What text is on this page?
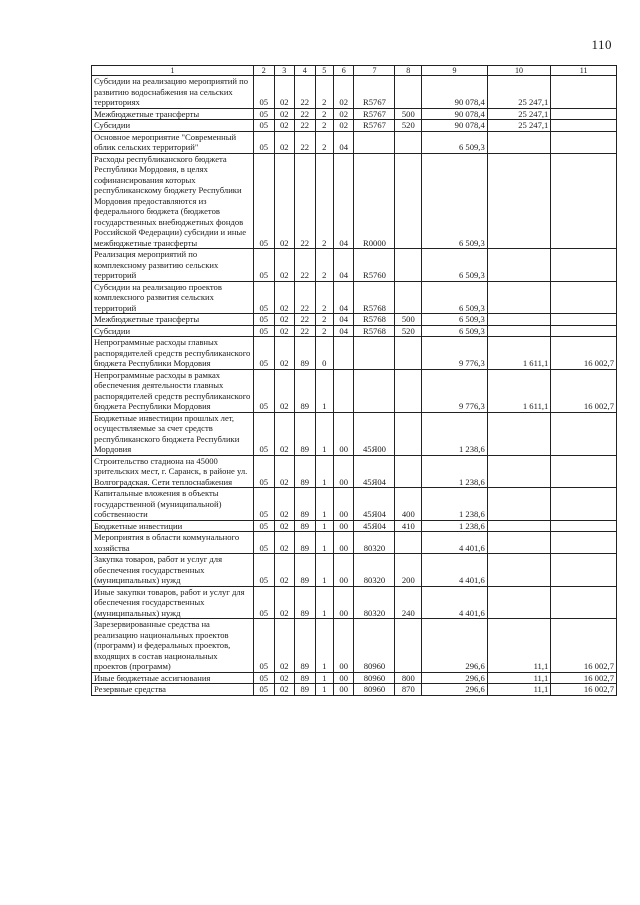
110
1	2	3	4	5	6	7	8	9	10	11
Субсидии на реализацию мероприятий по развитию водоснабжения на сельских территориях	05	02	22	2	02	R5767		90 078,4	25 247,1	
Межбюджетные трансферты	05	02	22	2	02	R5767	500	90 078,4	25 247,1	
Субсидии	05	02	22	2	02	R5767	520	90 078,4	25 247,1	
Основное мероприятие "Современный облик сельских территорий"	05	02	22	2	04			6 509,3		
Расходы республиканского бюджета Республики Мордовия, в целях софинансирования которых республиканскому бюджету Республики Мордовия предоставляются из федерального бюджета (бюджетов государственных внебюджетных фондов Российской Федерации) субсидии и иные межбюджетные трансферты	05	02	22	2	04	R0000		6 509,3		
Реализация мероприятий по комплексному развитию сельских территорий	05	02	22	2	04	R5760		6 509,3		
Субсидии на реализацию проектов комплексного развития сельских территорий	05	02	22	2	04	R5768		6 509,3		
Межбюджетные трансферты	05	02	22	2	04	R5768	500	6 509,3		
Субсидии	05	02	22	2	04	R5768	520	6 509,3		
Непрограммные расходы главных распорядителей средств республиканского бюджета Республики Мордовия	05	02	89	0				9 776,3	1 611,1	16 002,7
Непрограммные расходы в рамках обеспечения деятельности главных распорядителей средств республиканского бюджета Республики Мордовия	05	02	89	1				9 776,3	1 611,1	16 002,7
Бюджетные инвестиции прошлых лет, осуществляемые за счет средств республиканского бюджета Республики Мордовия	05	02	89	1	00	45Я00		1 238,6		
Строительство стадиона на 45000 зрительских мест, г. Саранск, в районе ул. Волгоградская. Сети теплоснабжения	05	02	89	1	00	45Я04		1 238,6		
Капитальные вложения в объекты государственной (муниципальной) собственности	05	02	89	1	00	45Я04	400	1 238,6		
Бюджетные инвестиции	05	02	89	1	00	45Я04	410	1 238,6		
Мероприятия в области коммунального хозяйства	05	02	89	1	00	80320		4 401,6		
Закупка товаров, работ и услуг для обеспечения государственных (муниципальных) нужд	05	02	89	1	00	80320	200	4 401,6		
Иные закупки товаров, работ и услуг для обеспечения государственных (муниципальных) нужд	05	02	89	1	00	80320	240	4 401,6		
Зарезервированные средства на реализацию национальных проектов (программ) и федеральных проектов, входящих в состав национальных проектов (программ)	05	02	89	1	00	80960		296,6	11,1	16 002,7
Иные бюджетные ассигнования	05	02	89	1	00	80960	800	296,6	11,1	16 002,7
Резервные средства	05	02	89	1	00	80960	870	296,6	11,1	16 002,7
